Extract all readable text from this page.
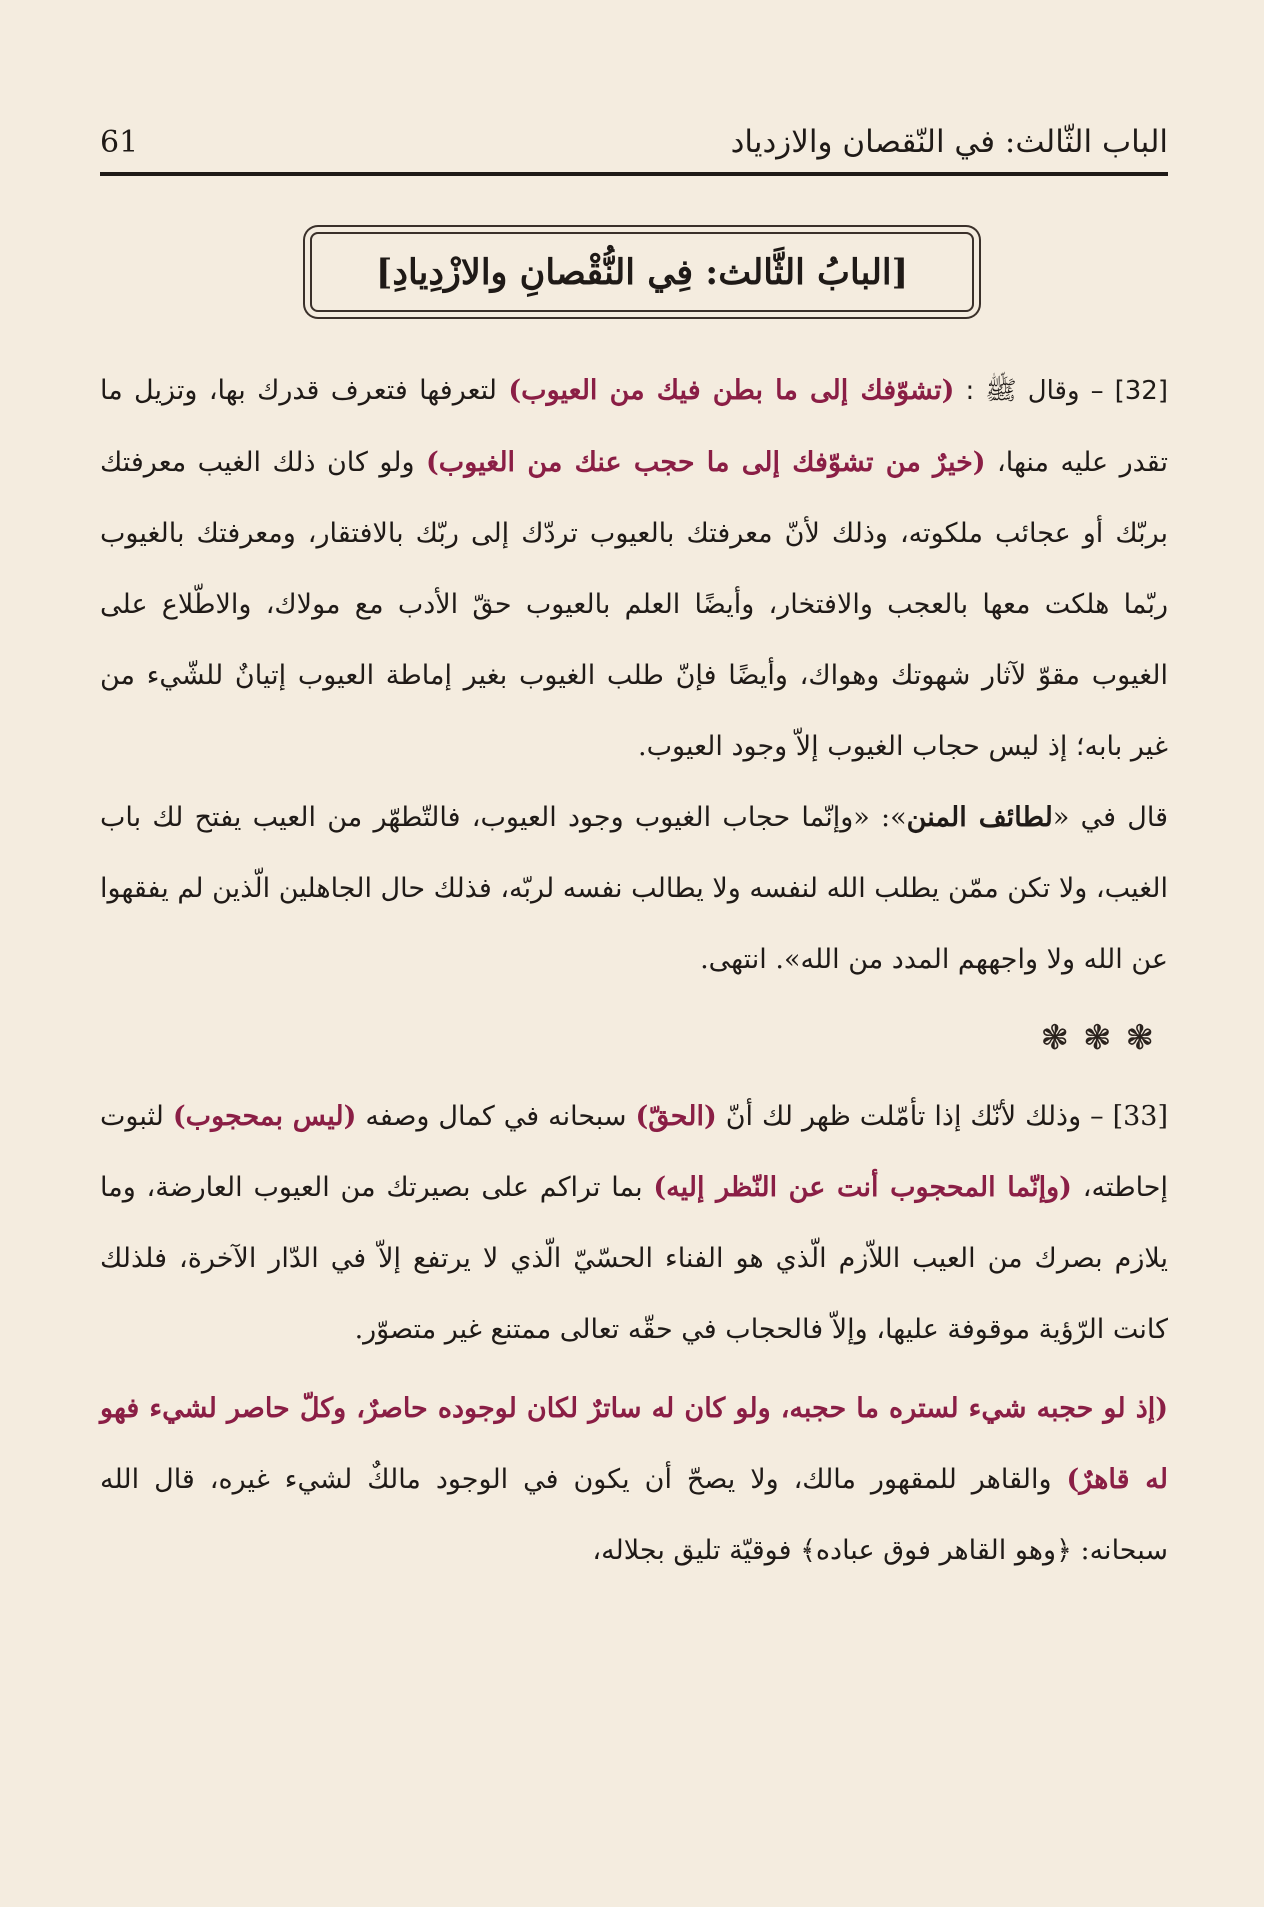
61	الباب الثّالث: في النّقصان والازدياد
[البابُ الثَّالث: فِي النُّقْصانِ والازْدِيادِ]

[32] – وقال ﷺ : (تشوّفك إلى ما بطن فيك من العيوب) لتعرفها فتعرف قدرك بها، وتزيل ما تقدر عليه منها، (خيرٌ من تشوّفك إلى ما حجب عنك من الغيوب) ولو كان ذلك الغيب معرفتك بربّك أو عجائب ملكوته، وذلك لأنّ معرفتك بالعيوب تردّك إلى ربّك بالافتقار، ومعرفتك بالغيوب ربّما هلكت معها بالعجب والافتخار، وأيضًا العلم بالعيوب حقّ الأدب مع مولاك، والاطّلاع على الغيوب مقوّ لآثار شهوتك وهواك، وأيضًا فإنّ طلب الغيوب بغير إماطة العيوب إتيانٌ للشّيء من غير بابه؛ إذ ليس حجاب الغيوب إلاّ وجود العيوب.

قال في «لطائف المنن»: «وإنّما حجاب الغيوب وجود العيوب، فالتّطهّر من العيب يفتح لك باب الغيب، ولا تكن ممّن يطلب الله لنفسه ولا يطالب نفسه لربّه، فذلك حال الجاهلين الّذين لم يفقهوا عن الله ولا واجههم المدد من الله». انتهى.

❃❃❃

[33] – وذلك لأنّك إذا تأمّلت ظهر لك أنّ (الحقّ) سبحانه في كمال وصفه (ليس بمحجوب) لثبوت إحاطته، (وإنّما المحجوب أنت عن النّظر إليه) بما تراكم على بصيرتك من العيوب العارضة، وما يلازم بصرك من العيب اللاّزم الّذي هو الفناء الحسّيّ الّذي لا يرتفع إلاّ في الدّار الآخرة، فلذلك كانت الرّؤية موقوفة عليها، وإلاّ فالحجاب في حقّه تعالى ممتنع غير متصوّر.

(إذ لو حجبه شيء لستره ما حجبه، ولو كان له ساترٌ لكان لوجوده حاصرٌ، وكلّ حاصر لشيء فهو له قاهرٌ) والقاهر للمقهور مالك، ولا يصحّ أن يكون في الوجود مالكٌ لشيء غيره، قال الله سبحانه: ﴿وهو القاهر فوق عباده﴾ فوقيّة تليق بجلاله،
